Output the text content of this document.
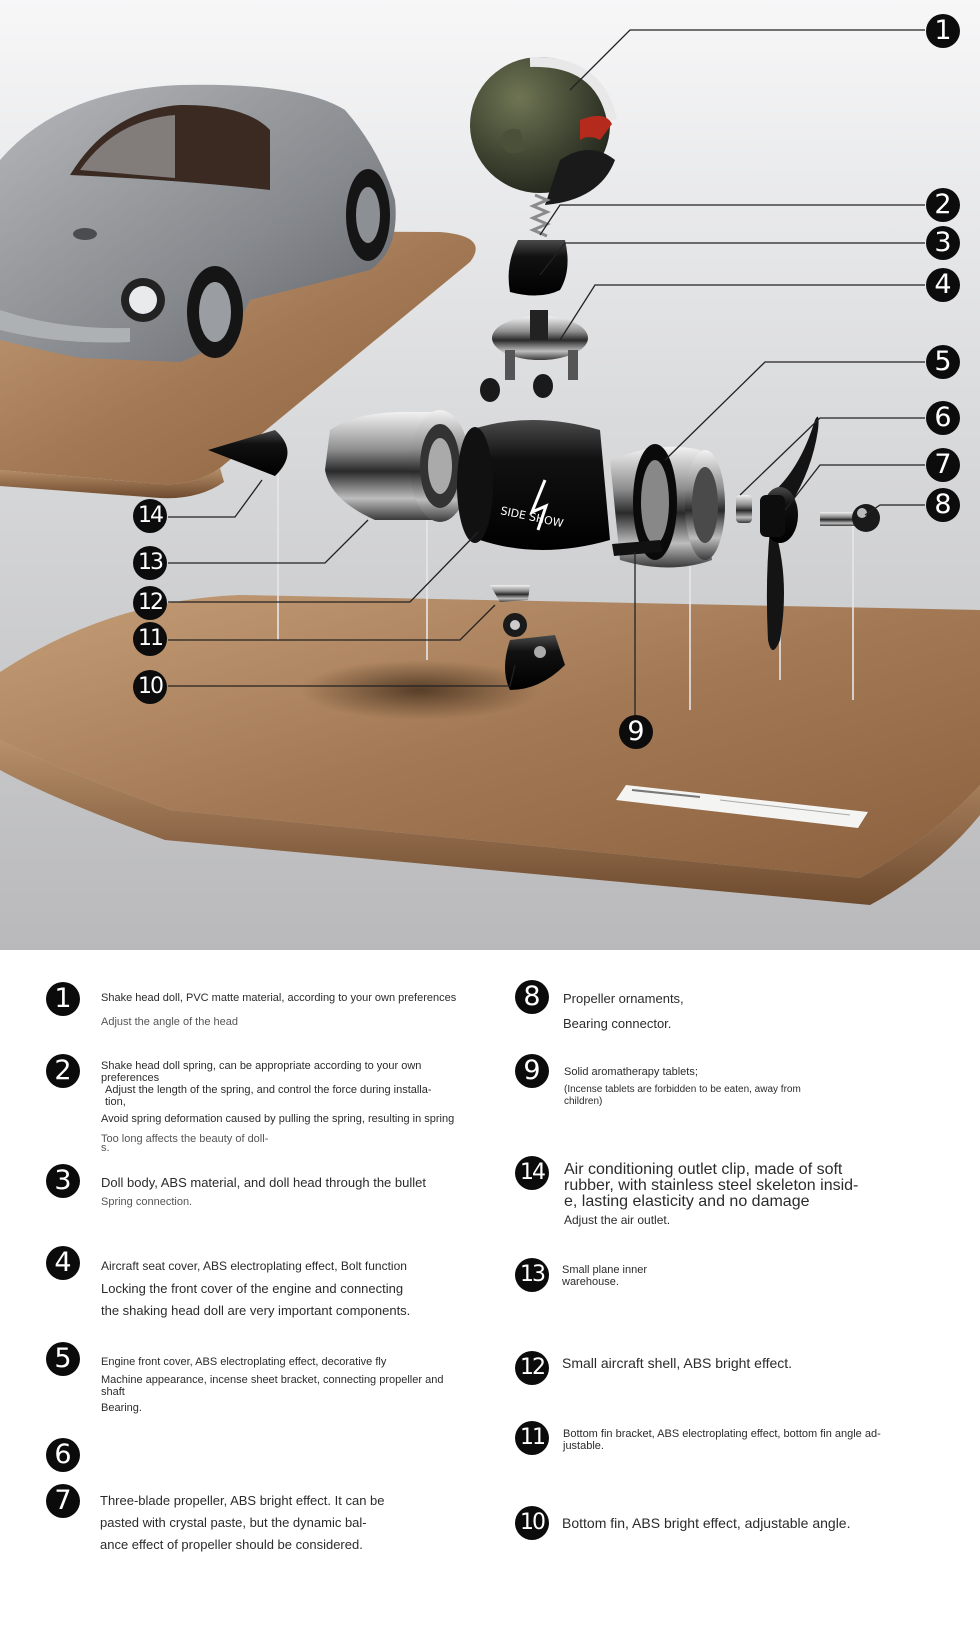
SIDE SHOW
1
2
3
4
5
6
7
8
9
10
11
12
13
14
1	Shake head doll, PVC matte material, according to your own preferences
Adjust the angle of the head
2	Shake head doll spring, can be appropriate according to your own preferences
Adjust the length of the spring, and control the force during installa-
tion,
Avoid spring deformation caused by pulling the spring, resulting in spring
Too long affects the beauty of doll-
s.
3	Doll body, ABS material, and doll head through the bullet
Spring connection.
4	Aircraft seat cover, ABS electroplating effect, Bolt function
Locking the front cover of the engine and connecting
the shaking head doll are very important components.
5	Engine front cover, ABS electroplating effect, decorative fly
Machine appearance, incense sheet bracket, connecting propeller and shaft
Bearing.
6
7	Three-blade propeller, ABS bright effect. It can be
pasted with crystal paste, but the dynamic bal-
ance effect of propeller should be considered.
8	Propeller ornaments,
Bearing connector.
9	Solid aromatherapy tablets;
(Incense tablets are forbidden to be eaten, away from children)
14	Air conditioning outlet clip, made of soft
rubber, with stainless steel skeleton insid-
e, lasting elasticity and no damage
Adjust the air outlet.
13	Small plane inner
warehouse.
12	Small aircraft shell, ABS bright effect.
11	Bottom fin bracket, ABS electroplating effect, bottom fin angle ad-
justable.
10	Bottom fin, ABS bright effect, adjustable angle.
